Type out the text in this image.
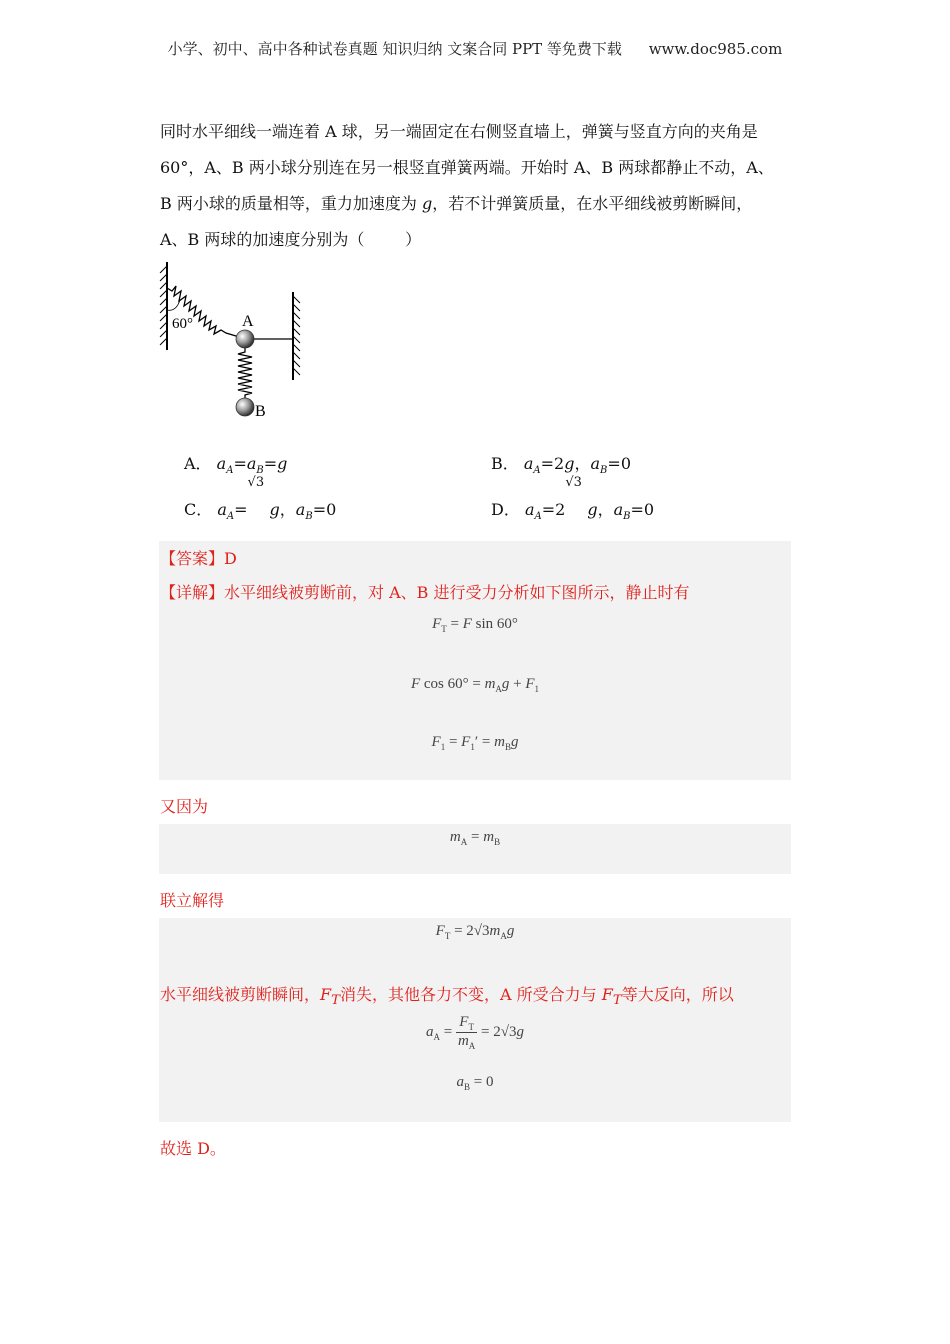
小学、初中、高中各种试卷真题 知识归纳 文案合同 PPT 等免费下载 www.doc985.com

同时水平细线一端连着 A 球，另一端固定在右侧竖直墙上，弹簧与竖直方向的夹角是

60°，A、B 两小球分别连在另一根竖直弹簧两端。开始时 A、B 两球都静止不动，A、

B 两小球的质量相等，重力加速度为 g，若不计弹簧质量，在水平细线被剪断瞬间，

A、B 两球的加速度分别为（        ）

60°	A
B
A． $a_A=a_B=g$	B． $a_A=2g$，$a_B=0$
C． $a_A=$
√3
g，$a_B=0$	D． $a_A=2$
√3
g，$a_B=0$
【答案】D
【详解】水平细线被剪断前，对 A、B 进行受力分析如下图所示，静止时有
$F_T = F$ sin 60°
F $\cos 60^\circ = m_Ag + F_1$
$F_1 = F_1' = m_Bg$
又因为
$m_A = m_B$
联立解得
$F_T = 2√3m_Ag$
水平细线被剪断瞬间，$F_T$消失，其他各力不变，A 所受合力与 $F_T$等大反向，所以
$a_A = \frac{F_T}{m_A} = 2√3g$
$a_B = 0$
故选 D。
